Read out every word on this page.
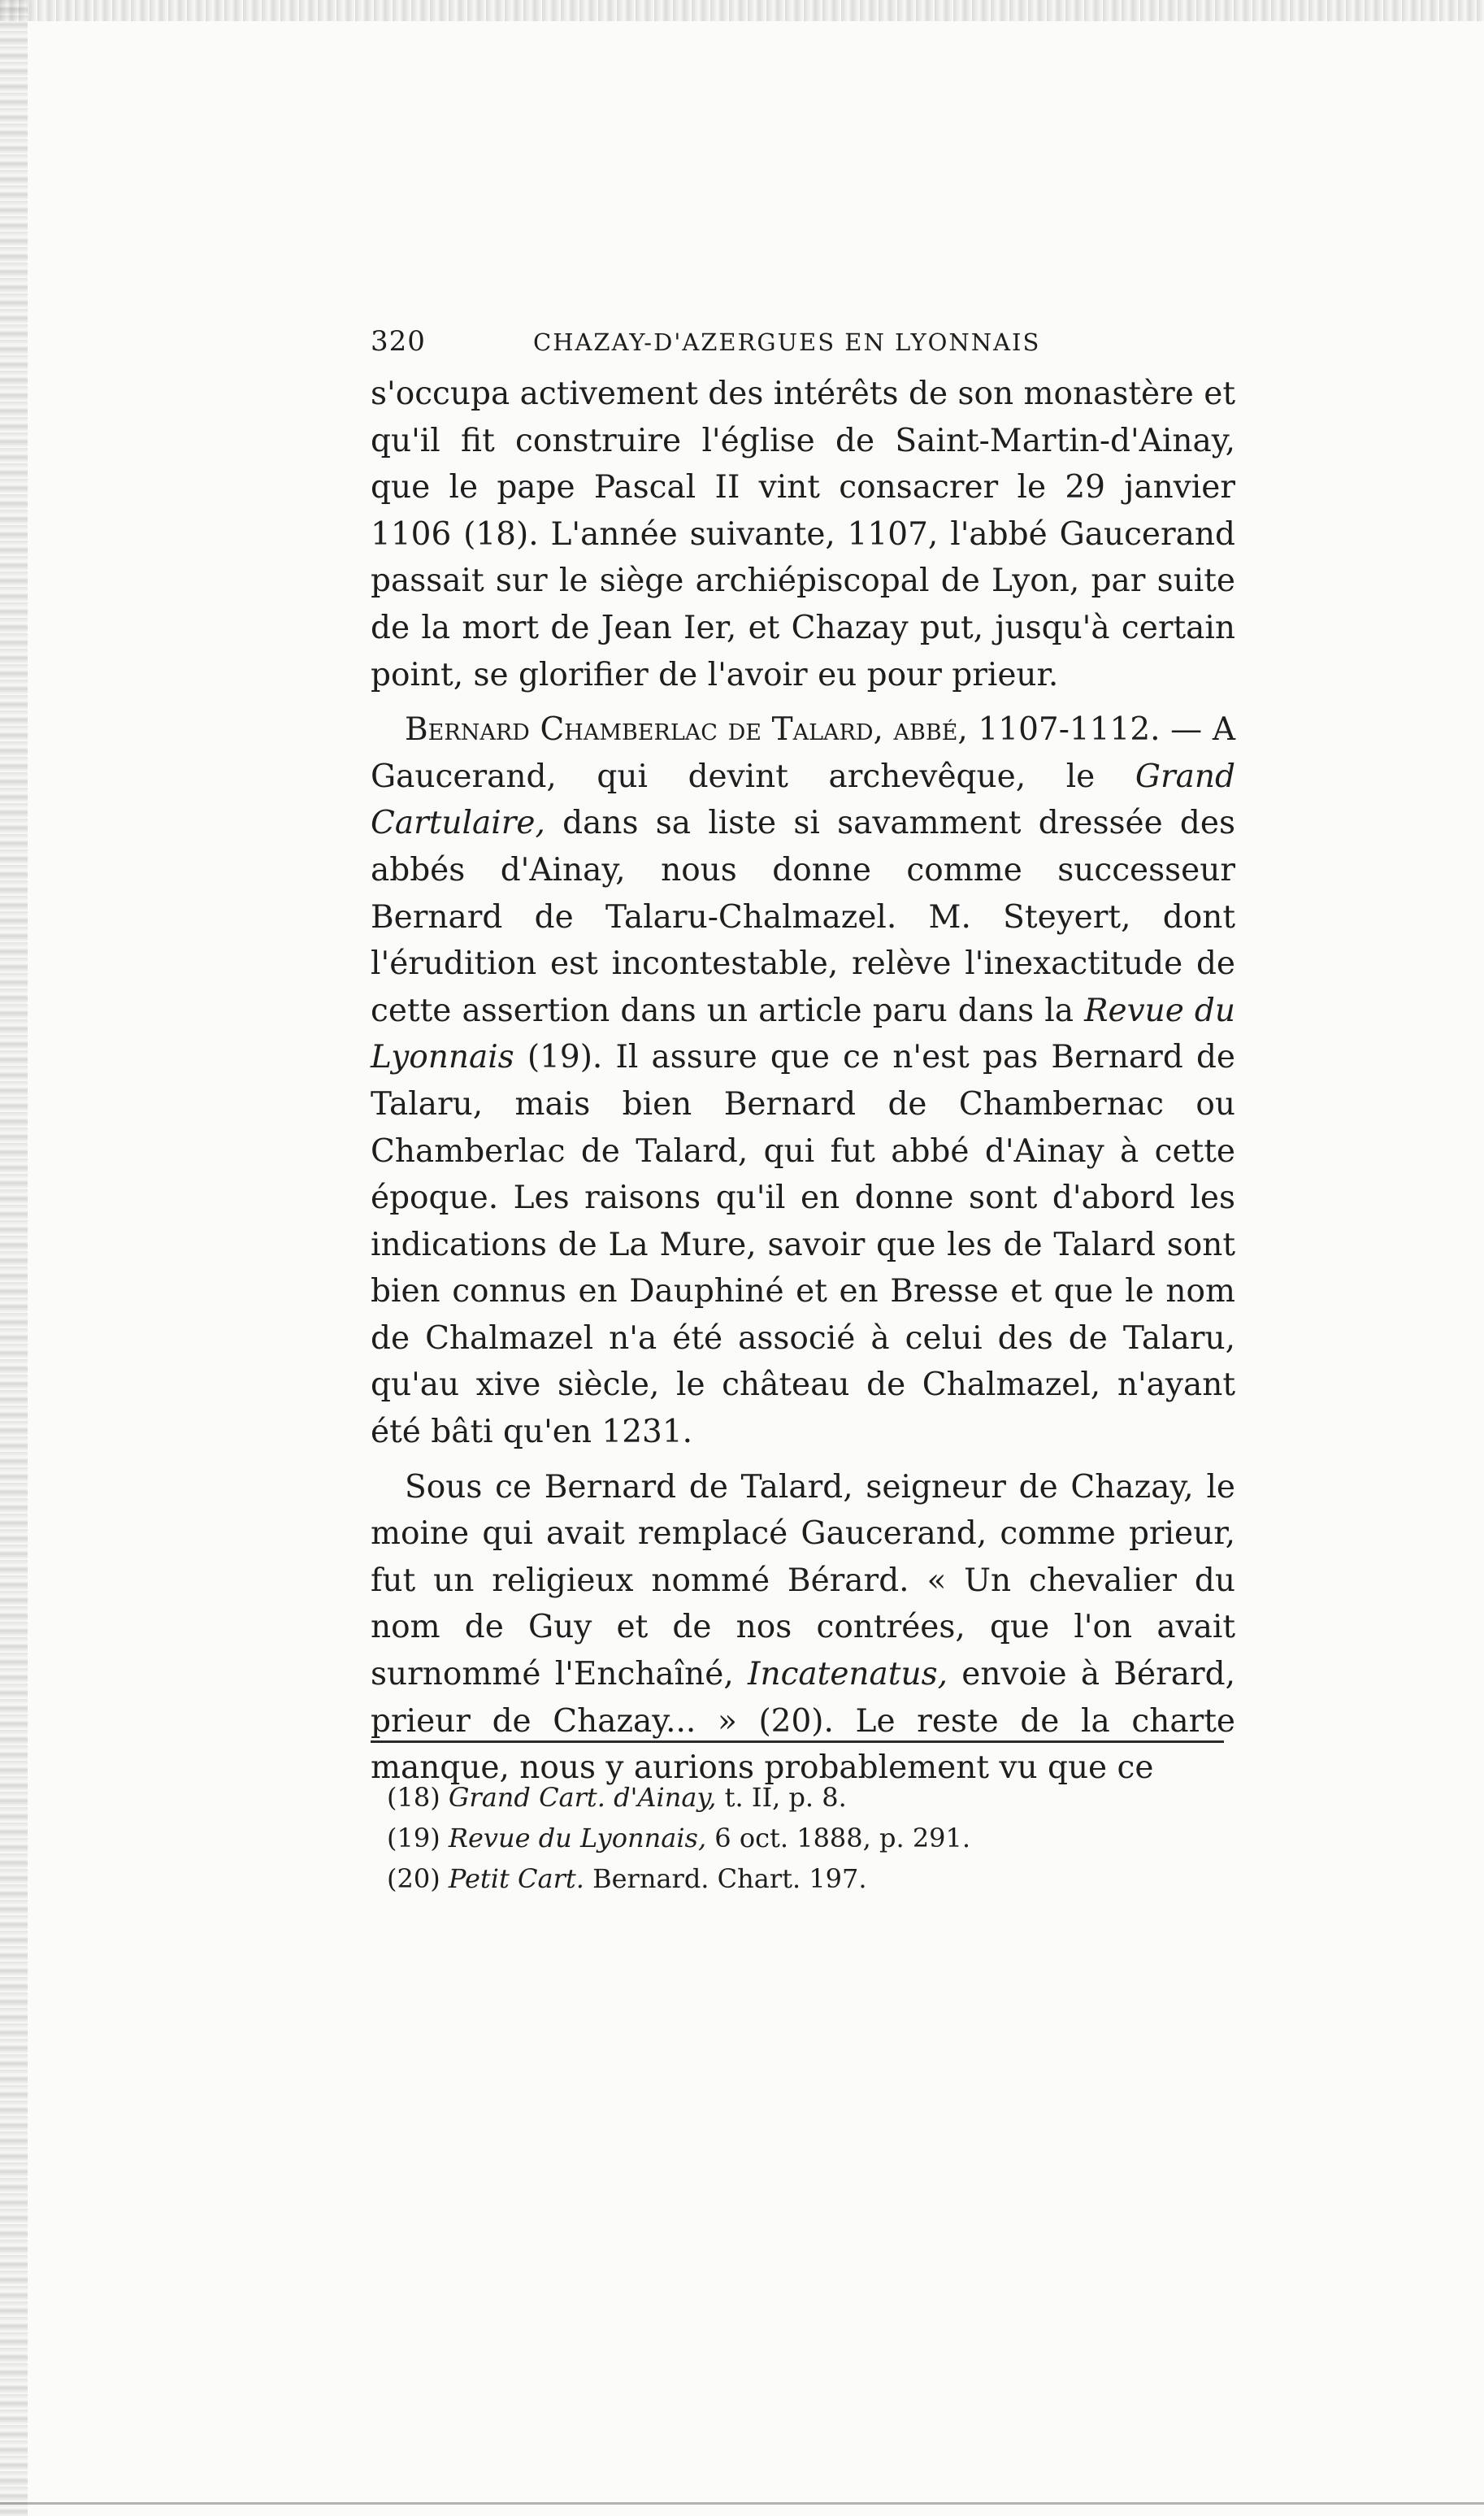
320	CHAZAY-D'AZERGUES EN LYONNAIS

s'occupa activement des intérêts de son monastère et qu'il fit construire l'église de Saint-Martin-d'Ainay, que le pape Pascal II vint consacrer le 29 janvier 1106 (18). L'année suivante, 1107, l'abbé Gaucerand passait sur le siège archiépiscopal de Lyon, par suite de la mort de Jean Ier, et Chazay put, jusqu'à certain point, se glorifier de l'avoir eu pour prieur.

Bernard Chamberlac de Talard, abbé, 1107-1112. — A Gaucerand, qui devint archevêque, le Grand Cartulaire, dans sa liste si savamment dressée des abbés d'Ainay, nous donne comme successeur Bernard de Talaru-Chalmazel. M. Steyert, dont l'érudition est incontestable, relève l'inexactitude de cette assertion dans un article paru dans la Revue du Lyonnais (19). Il assure que ce n'est pas Bernard de Talaru, mais bien Bernard de Chambernac ou Chamberlac de Talard, qui fut abbé d'Ainay à cette époque. Les raisons qu'il en donne sont d'abord les indications de La Mure, savoir que les de Talard sont bien connus en Dauphiné et en Bresse et que le nom de Chalmazel n'a été associé à celui des de Talaru, qu'au xive siècle, le château de Chalmazel, n'ayant été bâti qu'en 1231.

Sous ce Bernard de Talard, seigneur de Chazay, le moine qui avait remplacé Gaucerand, comme prieur, fut un religieux nommé Bérard. « Un chevalier du nom de Guy et de nos contrées, que l'on avait surnommé l'Enchaîné, Incatenatus, envoie à Bérard, prieur de Chazay... » (20). Le reste de la charte manque, nous y aurions probablement vu que ce

(18) Grand Cart. d'Ainay, t. II, p. 8.
(19) Revue du Lyonnais, 6 oct. 1888, p. 291.
(20) Petit Cart. Bernard. Chart. 197.
